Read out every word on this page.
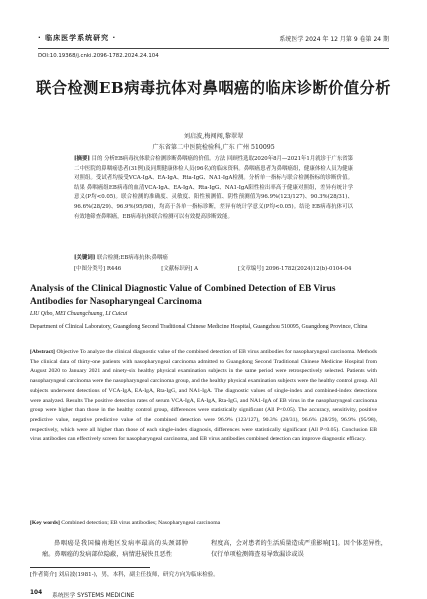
· 临床医学系统研究 ·	系统医学 2024 年 12 月第 9 卷第 24 期
DOI:10.19368/j.cnki.2096-1782.2024.24.104
联合检测EB病毒抗体对鼻咽癌的临床诊断价值分析
刘启波,梅闯闯,黎翠翠
广东省第二中医院检验科,广东 广州 510095
[摘要] 目的 分析EB病毒抗体联合检测诊断鼻咽癌的价值。方法 回顾性选取2020年8月—2021年1月就诊于广东省第二中医院的鼻咽癌患者(31例)及同期健康体检人员(96名)的临床资料。鼻咽癌患者为鼻咽癌组，健康体检人员为健康对照组。受试者均接受VCA-IgA、EA-IgA、Rta-IgG、NA1-IgA检测。分析单一指标与联合检测指标的诊断价值。结果 鼻咽癌组EB病毒的血清VCA-IgA、EA-IgA、Rta-IgG、NA1-IgA阳性检出率高于健康对照组，差异有统计学意义(P均<0.05)。联合检测的准确度、灵敏度、阳性预测值、阴性预测值为96.9%(123/127)、90.3%(28/31)、96.6%(28/29)、96.9%(95/98)，均高于各单一指标诊断，差异有统计学意义(P均<0.05)。结论 EB病毒抗体可以有效地筛查鼻咽癌，EB病毒抗体联合检测可以有效提高诊断效能。
[关键词] 联合检测;EB病毒抗体;鼻咽癌
[中图分类号] R446	[文献标识码] A	[文章编号] 2096-1782(2024)12(b)-0104-04
Analysis of the Clinical Diagnostic Value of Combined Detection of EB Virus Antibodies for Nasopharyngeal Carcinoma
LIU Qibo, MEI Chuangchuang, LI Cuicui
Department of Clinical Laboratory, Guangdong Second Traditional Chinese Medicine Hospital, Guangzhou 510095, Guangdong Province, China
[Abstract] Objective To analyze the clinical diagnostic value of the combined detection of EB virus antibodies for nasopharyngeal carcinoma. Methods The clinical data of thirty-one patients with nasopharyngeal carcinoma admitted to Guangdong Second Traditional Chinese Medicine Hospital from August 2020 to January 2021 and ninety-six healthy physical examination subjects in the same period were retrospectively selected. Patients with nasopharyngeal carcinoma were the nasopharyngeal carcinoma group, and the healthy physical examination subjects were the healthy control group. All subjects underwent detections of VCA-IgA, EA-IgA, Rta-IgG, and NA1-IgA. The diagnostic values of single-index and combined-index detections were analyzed. Results The positive detection rates of serum VCA-IgA, EA-IgA, Rta-IgG, and NA1-IgA of EB virus in the nasopharyngeal carcinoma group were higher than those in the healthy control group, differences were statistically significant (All P<0.05). The accuracy, sensitivity, positive predictive value, negative predictive value of the combined detection were 96.9% (123/127), 90.3% (28/31), 96.6% (28/29), 96.9% (95/98), respectively, which were all higher than those of each single-index diagnosis, differences were statistically significant (All P<0.05). Conclusion EB virus antibodies can effectively screen for nasopharyngeal carcinoma, and EB virus antibodies combined detection can improve diagnostic efficacy.
[Key words] Combined detection; EB virus antibodies; Nasopharyngeal carcinoma
鼻咽癌是我国偏南地区发病率最高的头颈部肿瘤。鼻咽癌的发病部位隐蔽，病情进展快且恶性
程度高，会对患者的生活质量造成严重影响[1]。因个体差异性，仅行单项检测筛查易导致漏诊或误
[作者简介] 刘启波(1981-)，男，本科，副主任技师，研究方向为临床检验。
104 系统医学 SYSTEMS MEDICINE
